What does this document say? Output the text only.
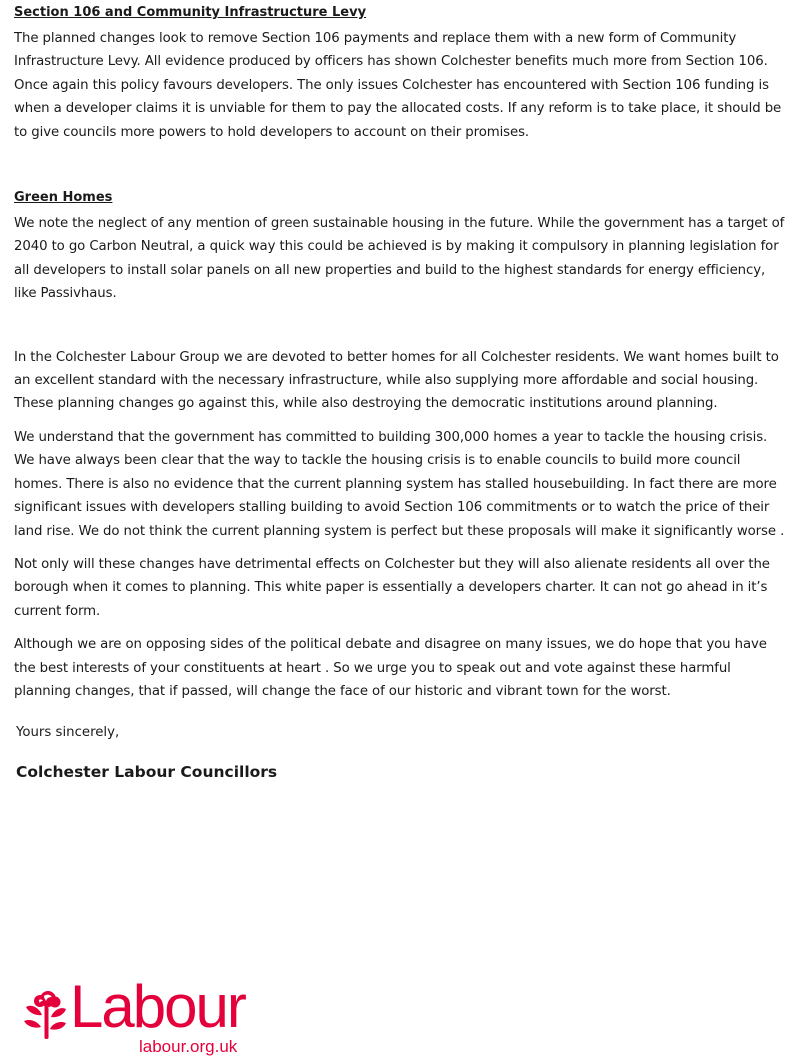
Section 106 and Community Infrastructure Levy

The planned changes look to remove Section 106 payments and replace them with a new form of Community Infrastructure Levy. All evidence produced by officers has shown Colchester benefits much more from Section 106. Once again this policy favours developers. The only issues Colchester has encountered with Section 106 funding is when a developer claims it is unviable for them to pay the allocated costs. If any reform is to take place, it should be to give councils more powers to hold developers to account on their promises.

Green Homes

We note the neglect of any mention of green sustainable housing in the future. While the government has a target of 2040 to go Carbon Neutral, a quick way this could be achieved is by making it compulsory in planning legislation for all developers to install solar panels on all new properties and build to the highest standards for energy efficiency, like Passivhaus.

In the Colchester Labour Group we are devoted to better homes for all Colchester residents. We want homes built to an excellent standard with the necessary infrastructure, while also supplying more affordable and social housing. These planning changes go against this, while also destroying the democratic institutions around planning.

We understand that the government has committed to building 300,000 homes a year to tackle the housing crisis. We have always been clear that the way to tackle the housing crisis is to enable councils to build more council homes. There is also no evidence that the current planning system has stalled housebuilding. In fact there are more significant issues with developers stalling building to avoid Section 106 commitments or to watch the price of their land rise. We do not think the current planning system is perfect but these proposals will make it significantly worse .

Not only will these changes have detrimental effects on Colchester but they will also alienate residents all over the borough when it comes to planning. This white paper is essentially a developers charter. It can not go ahead in it’s current form.

Although we are on opposing sides of the political debate and disagree on many issues, we do hope that you have the best interests of your constituents at heart . So we urge you to speak out and vote against these harmful planning changes, that if passed, will change the face of our historic and vibrant town for the worst.

Yours sincerely,
Colchester Labour Councillors
Labour
labour.org.uk
